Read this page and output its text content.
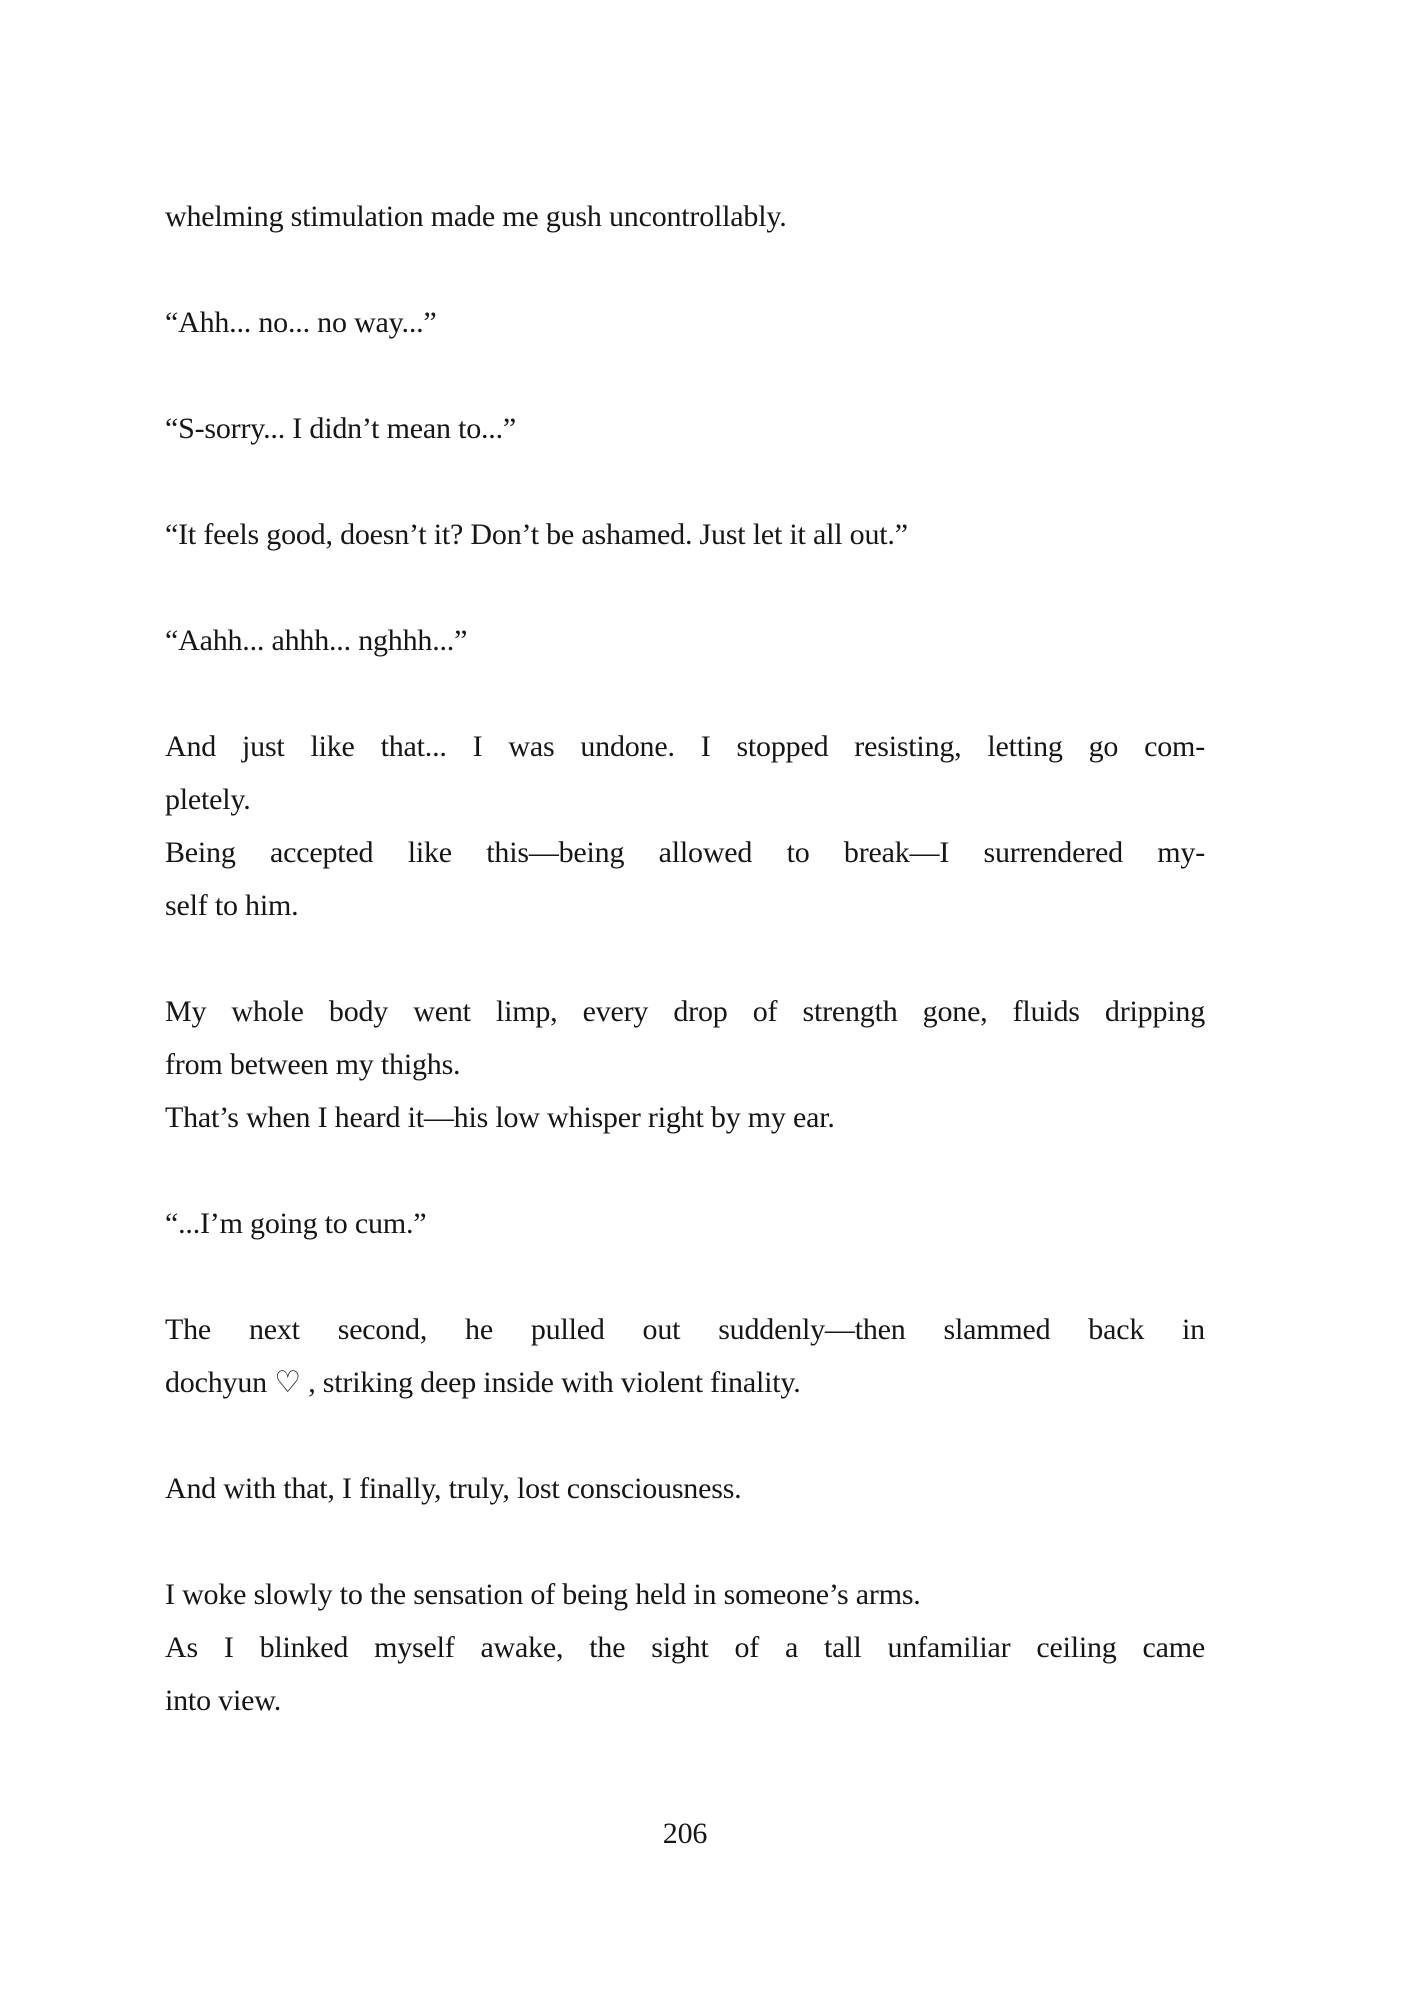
whelming stimulation made me gush uncontrollably.
“Ahh... no... no way...”
“S-sorry... I didn’t mean to...”
“It feels good, doesn’t it? Don’t be ashamed. Just let it all out.”
“Aahh... ahhh... nghhh...”
And just like that... I was undone. I stopped resisting, letting go com-
pletely.
Being accepted like this—being allowed to break—I surrendered my-
self to him.
My whole body went limp, every drop of strength gone, fluids dripping
from between my thighs.
That’s when I heard it—his low whisper right by my ear.
“...I’m going to cum.”
The next second, he pulled out suddenly—then slammed back in
dochyun ♡ , striking deep inside with violent finality.
And with that, I finally, truly, lost consciousness.
I woke slowly to the sensation of being held in someone’s arms.
As I blinked myself awake, the sight of a tall unfamiliar ceiling came
into view.
206
